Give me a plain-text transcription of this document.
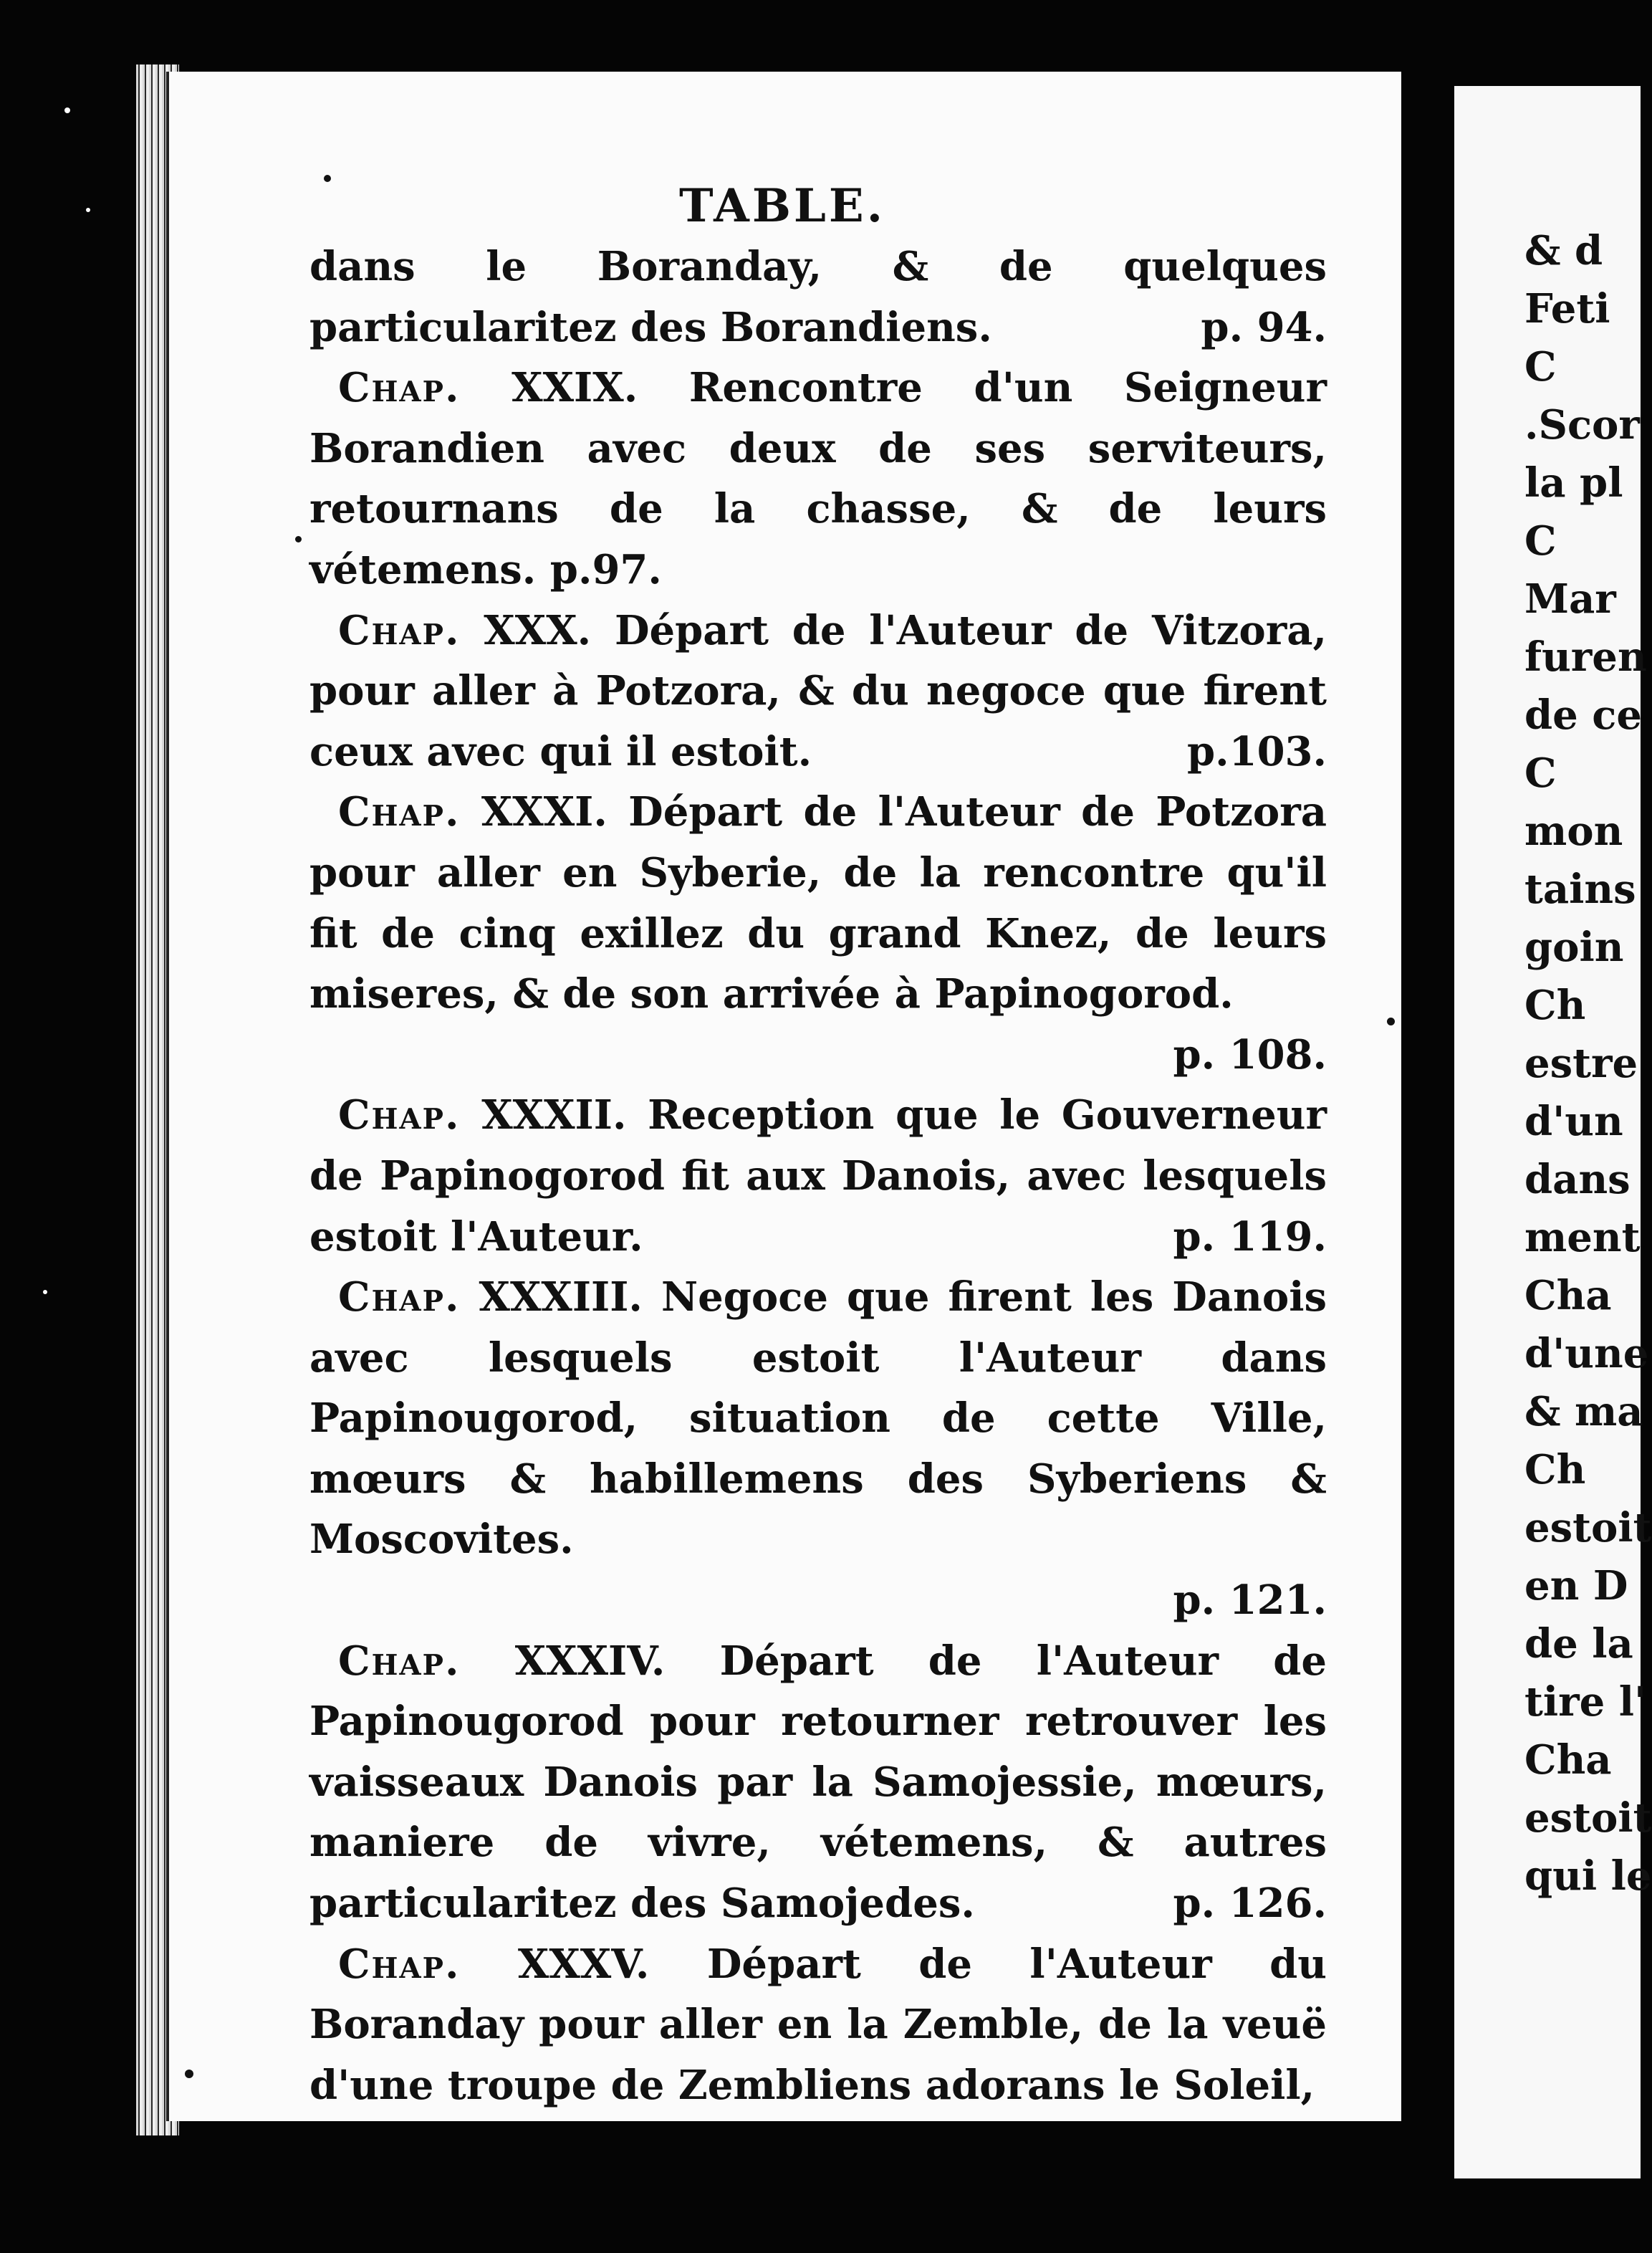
TABLE.
dans le Boranday, & de quelques particularitez des Borandiens.	p. 94.
Chap. XXIX. Rencontre d'un Seigneur Borandien avec deux de ses serviteurs, retournans de la chasse, & de leurs vétemens. p.97.
Chap. XXX. Départ de l'Auteur de Vitzora, pour aller à Potzora, & du negoce que firent ceux avec qui il estoit.	p.103.
Chap. XXXI. Départ de l'Auteur de Potzora pour aller en Syberie, de la rencontre qu'il fit de cinq exillez du grand Knez, de leurs miseres, & de son arrivée à Papinogorod.
p. 108.
Chap. XXXII. Reception que le Gouverneur de Papinogorod fit aux Danois, avec lesquels estoit l'Auteur.	p. 119.
Chap. XXXIII. Negoce que firent les Danois avec lesquels estoit l'Auteur dans Papinougorod, situation de cette Ville, mœurs & habillemens des Syberiens & Moscovites.
p. 121.
Chap. XXXIV. Départ de l'Auteur de Papinougorod pour retourner retrouver les vaisseaux Danois par la Samojessie, mœurs, maniere de vivre, vétemens, & autres particularitez des Samojedes.	p. 126.
Chap. XXXV. Départ de l'Auteur du Boranday pour aller en la Zemble, de la veuë d'une troupe de Zembliens adorans le Soleil,
& d
Feti
C
.Scor
la pl
C
Mar
furen
de ce
C
mon
tains
goin
Ch
estre
d'un
dans
ment
Cha
d'une
& ma
Ch
estoit
en D
de la
tire l'
Cha
estoit
qui le
